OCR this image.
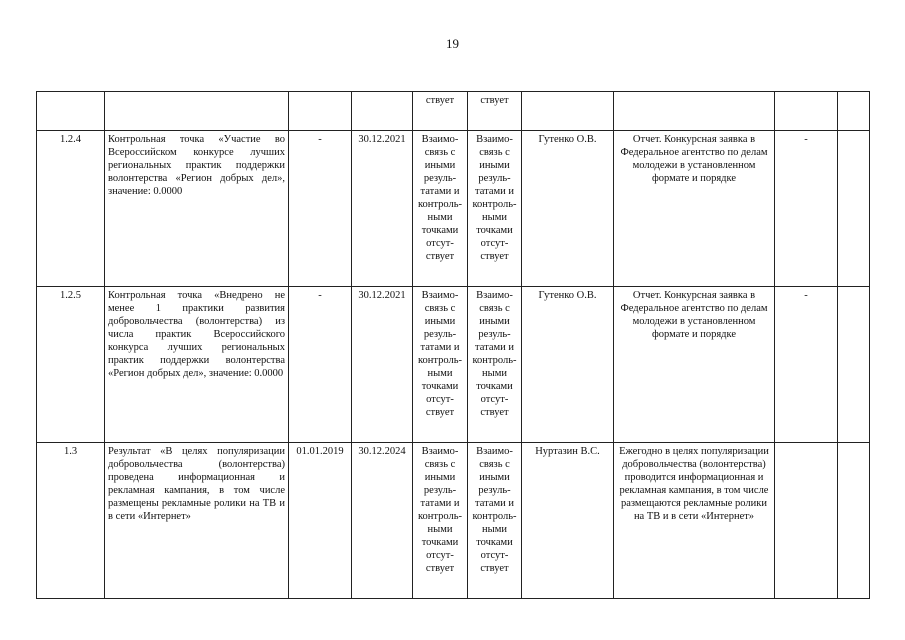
19
				ствует	ствует				
1.2.4	Контрольная точка «Участие во Всероссийском конкурсе лучших региональных практик поддержки волонтерства «Регион добрых дел», значение: 0.0000	-	30.12.2021	Взаимосвязь с иными результатами и контрольными точками отсутствует	Взаимосвязь с иными результатами и контрольными точками отсутствует	Гутенко О.В.	Отчет. Конкурсная заявка в Федеральное агентство по делам молодежи в установленном формате и порядке	-	
1.2.5	Контрольная точка «Внедрено не менее 1 практики развития добровольчества (волонтерства) из числа практик Всероссийского конкурса лучших региональных практик поддержки волонтерства «Регион добрых дел», значение: 0.0000	-	30.12.2021	Взаимосвязь с иными результатами и контрольными точками отсутствует	Взаимосвязь с иными результатами и контрольными точками отсутствует	Гутенко О.В.	Отчет. Конкурсная заявка в Федеральное агентство по делам молодежи в установленном формате и порядке	-	
1.3	Результат «В целях популяризации добровольчества (волонтерства) проведена информационная и рекламная кампания, в том числе размещены рекламные ролики на ТВ и в сети «Интернет»	01.01.2019	30.12.2024	Взаимосвязь с иными результатами и контрольными точками отсутствует	Взаимосвязь с иными результатами и контрольными точками отсутствует	Нуртазин В.С.	Ежегодно в целях популяризации добровольчества (волонтерства) проводится информационная и рекламная кампания, в том числе размещаются рекламные ролики на ТВ и в сети «Интернет»		
